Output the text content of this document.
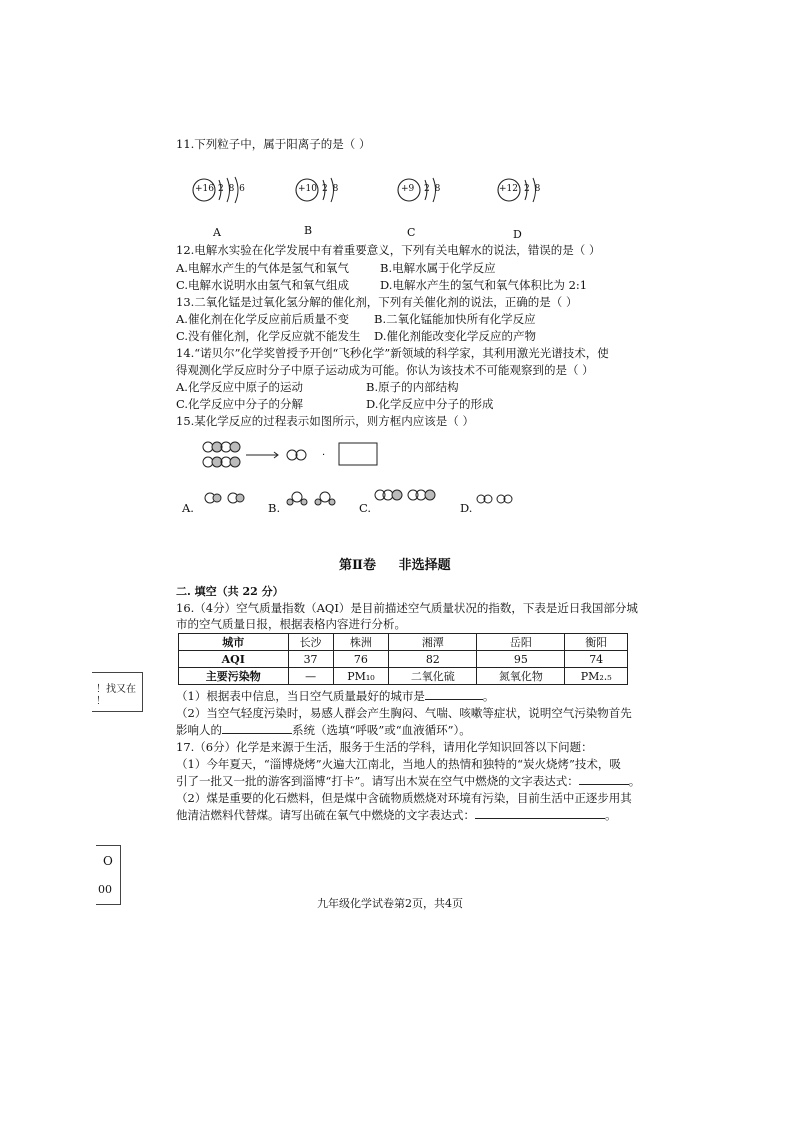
11.下列粒子中，属于阳离子的是（ ）
+16 2 8 6	+10 2 8	+9 2 8	+12 2 8
A	B	C	D
12.电解水实验在化学发展中有着重要意义，下列有关电解水的说法，错误的是（ ）
A.电解水产生的气体是氢气和氧气	B.电解水属于化学反应
C.电解水说明水由氢气和氧气组成	D.电解水产生的氢气和氧气体积比为 2:1
13.二氧化锰是过氧化氢分解的催化剂，下列有关催化剂的说法，正确的是（ ）
A.催化剂在化学反应前后质量不变 B.二氧化锰能加快所有化学反应
C.没有催化剂，化学反应就不能发生 D.催化剂能改变化学反应的产物
14.“诺贝尔”化学奖曾授予开创“飞秒化学”新领域的科学家，其利用激光光谱技术，使
得观测化学反应时分子中原子运动成为可能。你认为该技术不可能观察到的是（ ）
A.化学反应中原子的运动	B.原子的内部结构
C.化学反应中分子的分解	D.化学反应中分子的形成
15.某化学反应的过程表示如图所示，则方框内应该是（ ）
·
A.	B.	C.	D.
第Ⅱ卷     非选择题
二. 填空（共 22 分）
16.（4分）空气质量指数（AQI）是目前描述空气质量状况的指数，下表是近日我国部分城
市的空气质量日报，根据表格内容进行分析。
城市	长沙	株洲	湘潭	岳阳	衡阳
AQI	37	76	82	95	74
主要污染物	—	PM₁₀	二氧化硫	氮氧化物	PM₂.₅
（1）根据表中信息，当日空气质量最好的城市是	。
（2）当空气轻度污染时，易感人群会产生胸闷、气喘、咳嗽等症状，说明空气污染物首先
影响人的	系统（选填“呼吸”或“血液循环”）。
17.（6分）化学是来源于生活，服务于生活的学科，请用化学知识回答以下问题：
（1）今年夏天，“淄博烧烤”火遍大江南北，当地人的热情和独特的“炭火烧烤”技术，吸
引了一批又一批的游客到淄博“打卡”。请写出木炭在空气中燃烧的文字表达式：	。
（2）煤是重要的化石燃料，但是煤中含硫物质燃烧对环境有污染，目前生活中正逐步用其
他清洁燃料代替煤。请写出硫在氧气中燃烧的文字表达式：	。
！找又在
！
O
00
九年级化学试卷第2页，共4页
